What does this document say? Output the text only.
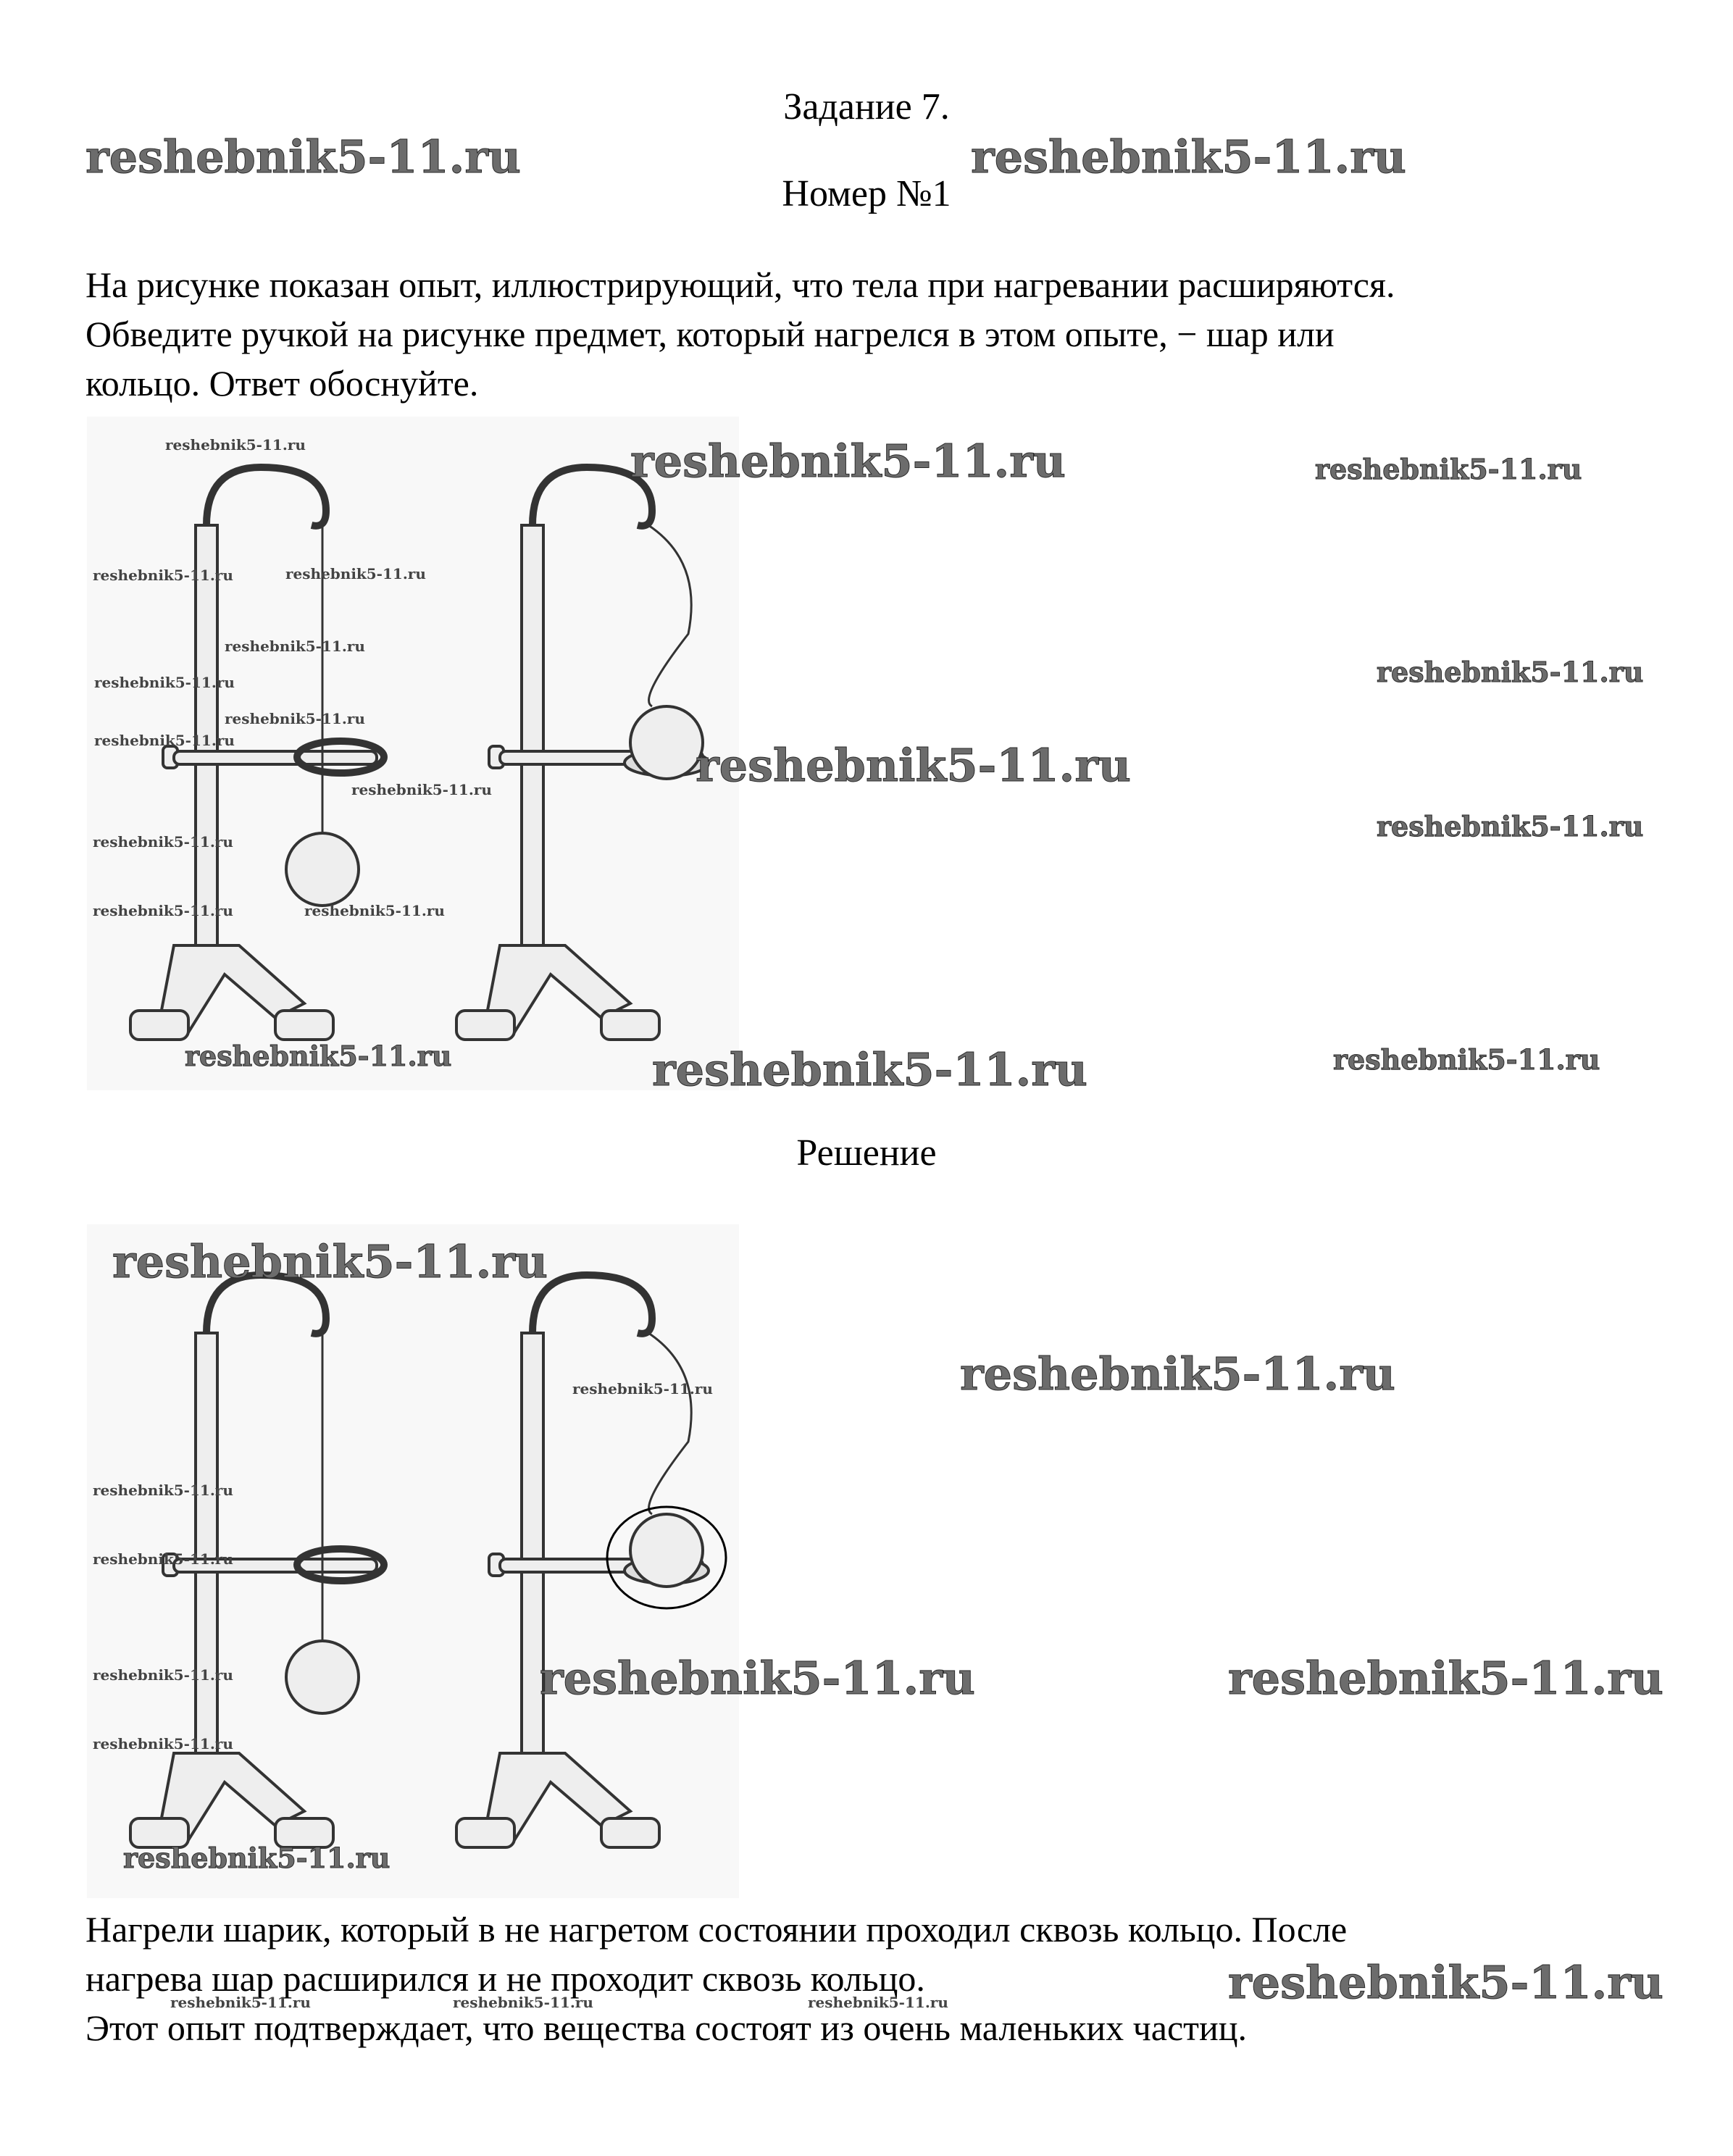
Задание 7.
Номер №1
На рисунке показан опыт, иллюстрирующий, что тела при нагревании расширяются.
Обведите ручкой на рисунке предмет, который нагрелся в этом опыте, − шар или
кольцо. Ответ обоснуйте.
Решение
Нагрели шарик, который в не нагретом состоянии проходил сквозь кольцо. После
нагрева шар расширился и не проходит сквозь кольцо.
Этот опыт подтверждает, что вещества состоят из очень маленьких частиц.
reshebnik5-11.ru	reshebnik5-11.ru
reshebnik5-11.ru	reshebnik5-11.ru
reshebnik5-11.ru
reshebnik5-11.ru
reshebnik5-11.ru
reshebnik5-11.ru
reshebnik5-11.ru	reshebnik5-11.ru
reshebnik5-11.ru
reshebnik5-11.ru	reshebnik5-11.ru
reshebnik5-11.ru
reshebnik5-11.ru
reshebnik5-11.ru
reshebnik5-11.ru
reshebnik5-11.ru
reshebnik5-11.ru
reshebnik5-11.ru	reshebnik5-11.ru
reshebnik5-11.ru
reshebnik5-11.ru
reshebnik5-11.ru	reshebnik5-11.ru
reshebnik5-11.ru
reshebnik5-11.ru
reshebnik5-11.ru
reshebnik5-11.ru
reshebnik5-11.ru
reshebnik5-11.ru
reshebnik5-11.ru
reshebnik5-11.ru	reshebnik5-11.ru	reshebnik5-11.ru
